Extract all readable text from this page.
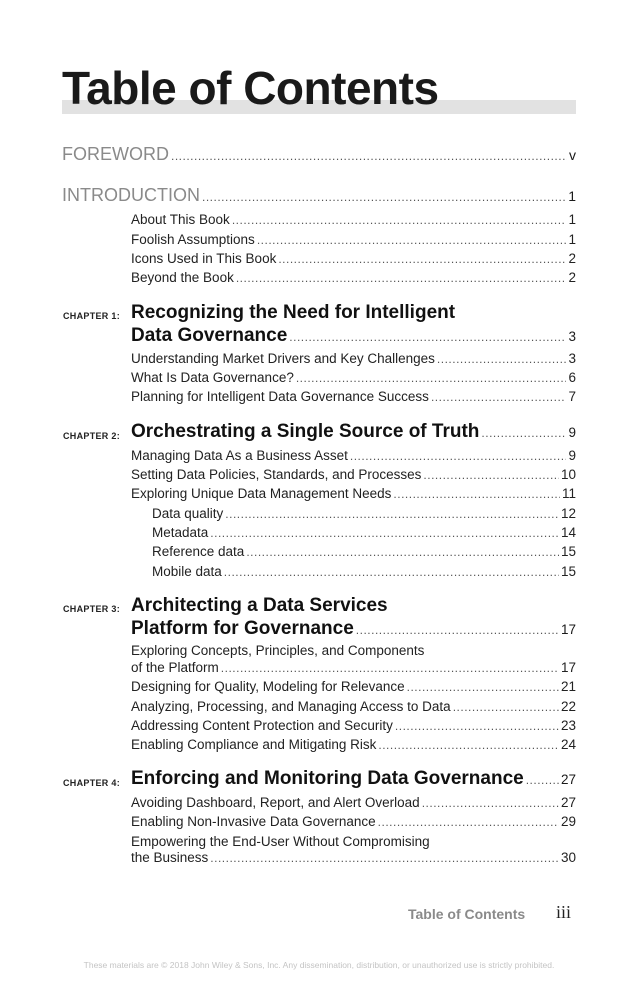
Table of Contents
FOREWORD .....	v
INTRODUCTION .....	1
About This Book .....	1
Foolish Assumptions .....	1
Icons Used in This Book .....	2
Beyond the Book .....	2
CHAPTER 1: Recognizing the Need for Intelligent
Data Governance .....	3
Understanding Market Drivers and Key Challenges .....	3
What Is Data Governance? .....	6
Planning for Intelligent Data Governance Success .....	7
CHAPTER 2: Orchestrating a Single Source of Truth .....	9
Managing Data As a Business Asset .....	9
Setting Data Policies, Standards, and Processes .....	10
Exploring Unique Data Management Needs .....	11
Data quality .....	12
Metadata .....	14
Reference data .....	15
Mobile data .....	15
CHAPTER 3: Architecting a Data Services
Platform for Governance .....	17
Exploring Concepts, Principles, and Components
of the Platform .....	17
Designing for Quality, Modeling for Relevance .....	21
Analyzing, Processing, and Managing Access to Data .....	22
Addressing Content Protection and Security .....	23
Enabling Compliance and Mitigating Risk .....	24
CHAPTER 4: Enforcing and Monitoring Data Governance .....	27
Avoiding Dashboard, Report, and Alert Overload .....	27
Enabling Non-Invasive Data Governance .....	29
Empowering the End-User Without Compromising
the Business .....	30
Table of Contents iii
These materials are © 2018 John Wiley & Sons, Inc. Any dissemination, distribution, or unauthorized use is strictly prohibited.
